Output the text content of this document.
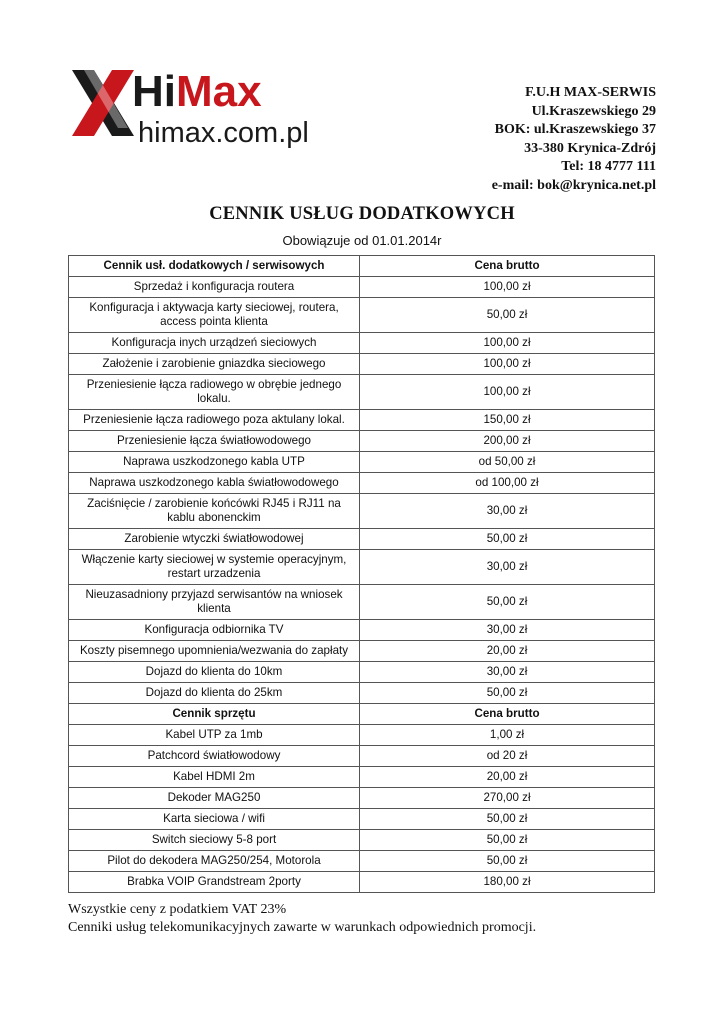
HiMax
himax.com.pl
F.U.H MAX-SERWIS
Ul.Kraszewskiego 29
BOK: ul.Kraszewskiego 37
33-380 Krynica-Zdrój
Tel: 18 4777 111
e-mail: bok@krynica.net.pl
CENNIK USŁUG DODATKOWYCH
Obowiązuje od 01.01.2014r
Cennik usł. dodatkowych / serwisowych	Cena brutto
Sprzedaż i konfiguracja routera	100,00 zł
Konfiguracja i aktywacja karty sieciowej, routera, access pointa klienta	50,00 zł
Konfiguracja inych urządzeń sieciowych	100,00 zł
Założenie i zarobienie gniazdka sieciowego	100,00 zł
Przeniesienie łącza radiowego w obrębie jednego lokalu.	100,00 zł
Przeniesienie łącza radiowego poza aktulany lokal.	150,00 zł
Przeniesienie łącza światłowodowego	200,00 zł
Naprawa uszkodzonego kabla UTP	od 50,00 zł
Naprawa uszkodzonego kabla światłowodowego	od 100,00 zł
Zaciśnięcie / zarobienie końcówki RJ45 i RJ11 na kablu abonenckim	30,00 zł
Zarobienie wtyczki światłowodowej	50,00 zł
Włączenie karty sieciowej w systemie operacyjnym, restart urzadzenia	30,00 zł
Nieuzasadniony przyjazd serwisantów na wniosek klienta	50,00 zł
Konfiguracja odbiornika TV	30,00 zł
Koszty pisemnego upomnienia/wezwania do zapłaty	20,00 zł
Dojazd do klienta do 10km	30,00 zł
Dojazd do klienta do 25km	50,00 zł
Cennik sprzętu	Cena brutto
Kabel UTP za 1mb	1,00 zł
Patchcord światłowodowy	od 20 zł
Kabel HDMI 2m	20,00 zł
Dekoder MAG250	270,00 zł
Karta sieciowa / wifi	50,00 zł
Switch sieciowy 5-8 port	50,00 zł
Pilot do dekodera MAG250/254, Motorola	50,00 zł
Brabka VOIP Grandstream 2porty	180,00 zł
Wszystkie ceny z podatkiem VAT 23%
Cenniki usług telekomunikacyjnych zawarte w warunkach odpowiednich promocji.
